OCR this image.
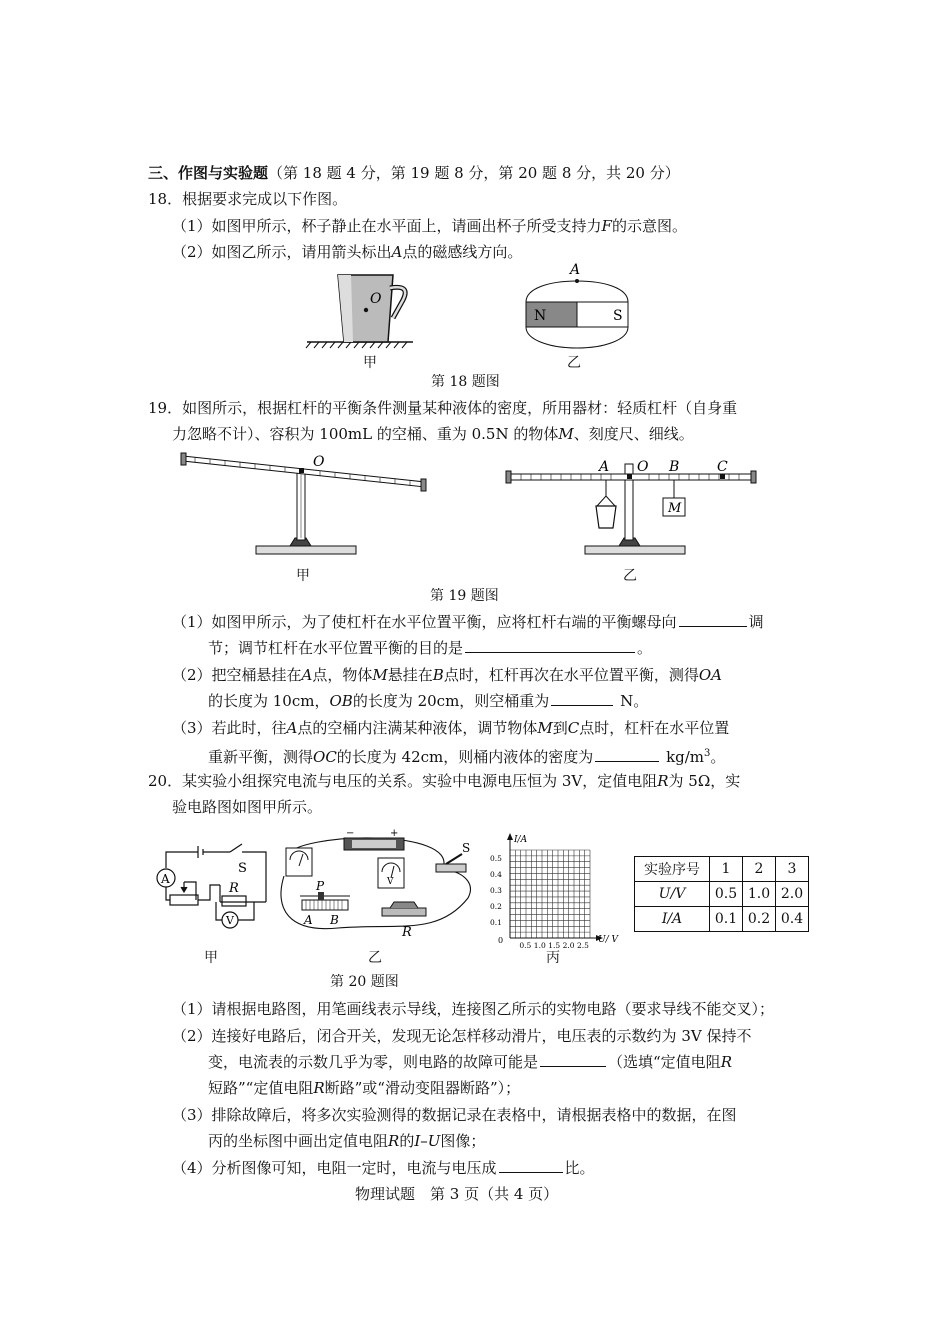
三、作图与实验题（第 18 题 4 分，第 19 题 8 分，第 20 题 8 分，共 20 分）
18．根据要求完成以下作图。
（1）如图甲所示，杯子静止在水平面上，请画出杯子所受支持力F的示意图。
（2）如图乙所示，请用箭头标出A点的磁感线方向。
O
甲
A
N	S
乙
第 18 题图
19．如图所示，根据杠杆的平衡条件测量某种液体的密度，所用器材：轻质杠杆（自身重
力忽略不计）、容积为 100mL 的空桶、重为 0.5N 的物体M、刻度尺、细线。
O
甲
A O B	C
M
乙
第 19 题图
（1）如图甲所示，为了使杠杆在水平位置平衡，应将杠杆右端的平衡螺母向	调
节；调节杠杆在水平位置平衡的目的是	。
（2）把空桶悬挂在A点，物体M悬挂在B点时，杠杆再次在水平位置平衡，测得OA
的长度为 10cm，OB的长度为 20cm，则空桶重为	N。
（3）若此时，往A点的空桶内注满某种液体，调节物体M到C点时，杠杆在水平位置
重新平衡，测得OC的长度为 42cm，则桶内液体的密度为	$kg/m^3$。
20．某实验小组探究电流与电压的关系。实验中电源电压恒为 3V，定值电阻R为 5Ω，实
验电路图如图甲所示。
A
V
S
R
甲
−	+
V
P
A B
R
S
乙
I/A
U/ V
0
0.5
0.4
0.3
0.2
0.1
0.5 1.0 1.5 2.0 2.5
丙
实验序号	1	2	3
U/V	0.5	1.0	2.0
I/A	0.1	0.2	0.4
第 20 题图
（1）请根据电路图，用笔画线表示导线，连接图乙所示的实物电路（要求导线不能交叉）；
（2）连接好电路后，闭合开关，发现无论怎样移动滑片，电压表的示数约为 3V 保持不
变，电流表的示数几乎为零，则电路的故障可能是	（选填“定值电阻R
短路”“定值电阻R断路”或“滑动变阻器断路”）；
（3）排除故障后，将多次实验测得的数据记录在表格中，请根据表格中的数据，在图
丙的坐标图中画出定值电阻R的I–U图像；
（4）分析图像可知，电阻一定时，电流与电压成	比。
物理试题　第 3 页（共 4 页）
